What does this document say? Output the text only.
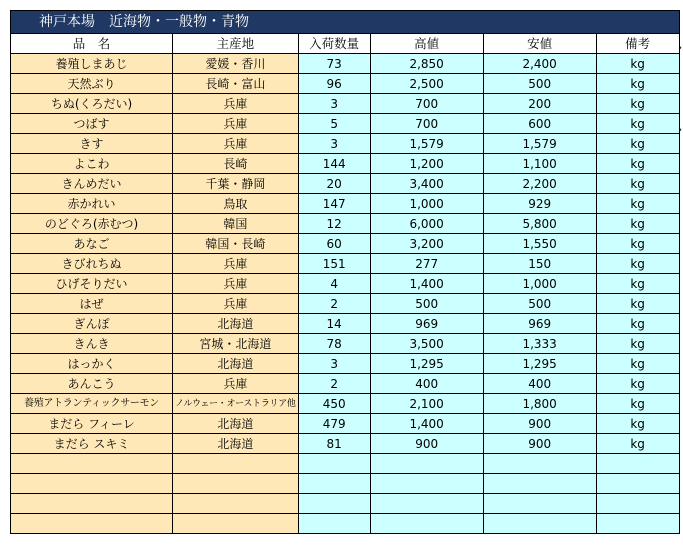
神戸本場　近海物・一般物・青物					
品　名	主産地	入荷数量	高値	安値	備考
養殖しまあじ	愛媛・香川	73	2,850	2,400	kg
天然ぶり	長崎・富山	96	2,500	500	kg
ちぬ(くろだい)	兵庫	3	700	200	kg
つばす	兵庫	5	700	600	kg
きす	兵庫	3	1,579	1,579	kg
よこわ	長崎	144	1,200	1,100	kg
きんめだい	千葉・静岡	20	3,400	2,200	kg
赤かれい	鳥取	147	1,000	929	kg
のどぐろ(赤むつ)	韓国	12	6,000	5,800	kg
あなご	韓国・長崎	60	3,200	1,550	kg
きびれちぬ	兵庫	151	277	150	kg
ひげそりだい	兵庫	4	1,400	1,000	kg
はぜ	兵庫	2	500	500	kg
ぎんぽ	北海道	14	969	969	kg
きんき	宮城・北海道	78	3,500	1,333	kg
はっかく	北海道	3	1,295	1,295	kg
あんこう	兵庫	2	400	400	kg
養殖アトランティックサーモン	ノルウェー・オーストラリア他	450	2,100	1,800	kg
まだら フィーレ	北海道	479	1,400	900	kg
まだら スキミ	北海道	81	900	900	kg

,
,
